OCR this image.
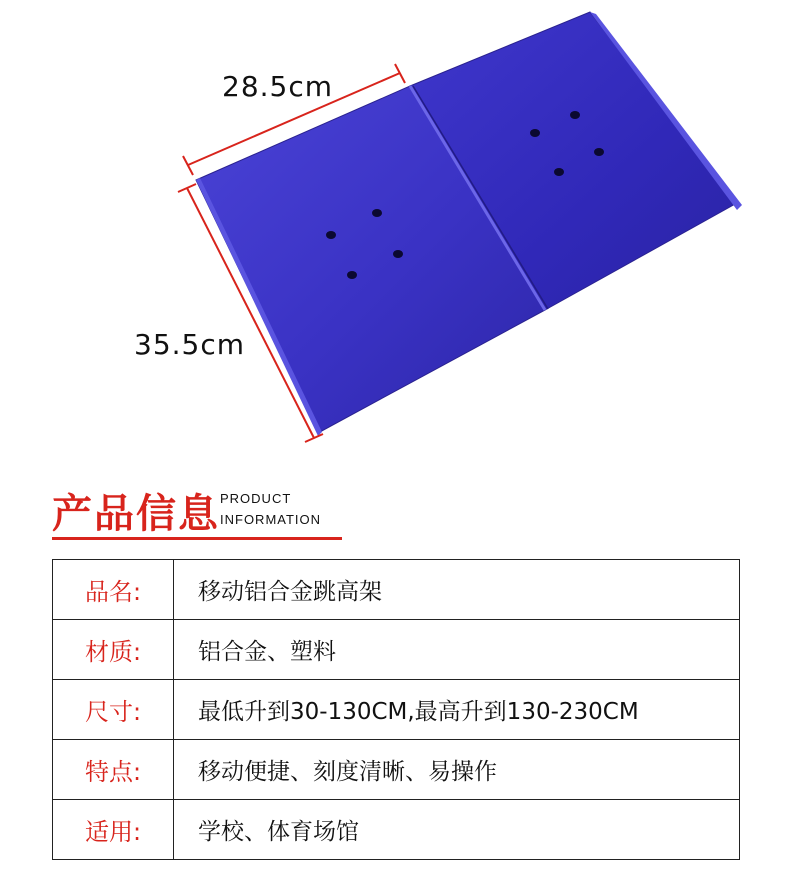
28.5cm
35.5cm
产品信息 PRODUCT
INFORMATION
品名:	移动铝合金跳高架
材质:	铝合金、塑料
尺寸:	最低升到30-130CM,最高升到130-230CM
特点:	移动便捷、刻度清晰、易操作
适用:	学校、体育场馆
